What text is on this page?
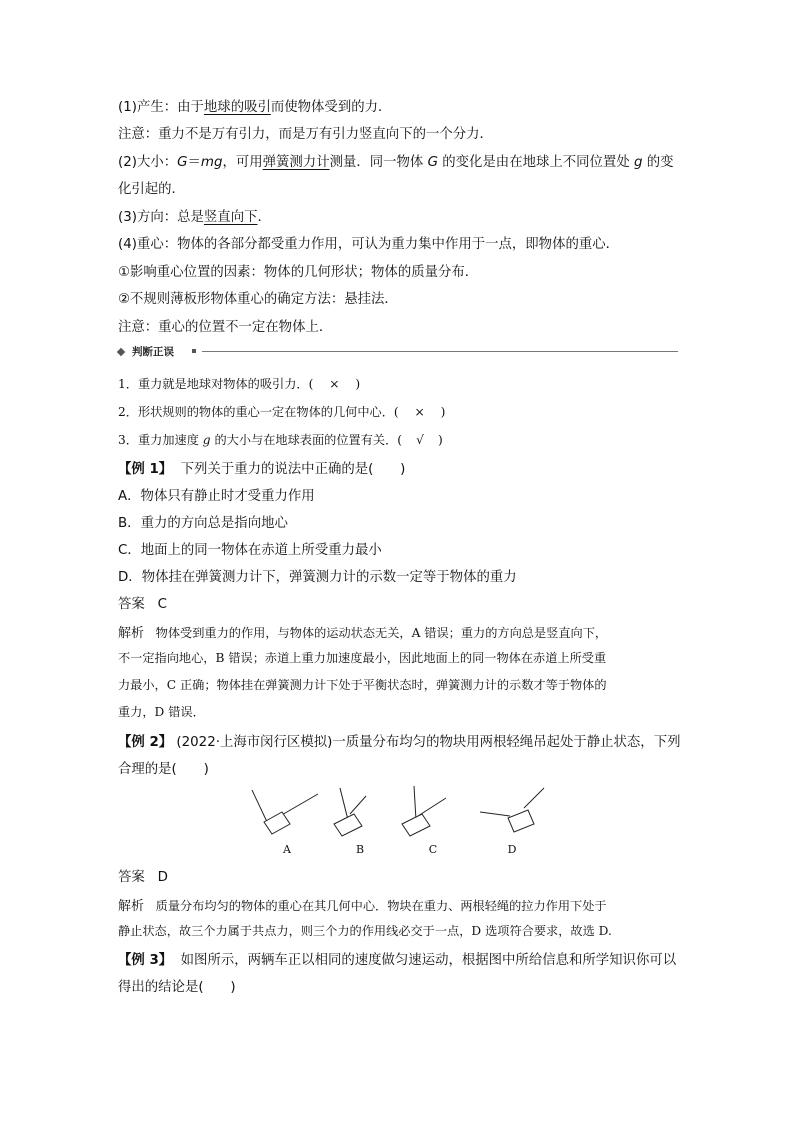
(1)产生：由于地球的吸引而使物体受到的力．
注意：重力不是万有引力，而是万有引力竖直向下的一个分力．
(2)大小：G＝mg，可用弹簧测力计测量．同一物体 G 的变化是由在地球上不同位置处 g 的变
化引起的．
(3)方向：总是竖直向下．
(4)重心：物体的各部分都受重力作用，可认为重力集中作用于一点，即物体的重心．
①影响重心位置的因素：物体的几何形状；物体的质量分布．
②不规则薄板形物体重心的确定方法：悬挂法．
注意：重心的位置不一定在物体上．
判断正误
1．重力就是地球对物体的吸引力．( × )
2．形状规则的物体的重心一定在物体的几何中心．( × )
3．重力加速度 g 的大小与在地球表面的位置有关．( √ )
【例 1】 下列关于重力的说法中正确的是(　　)
A．物体只有静止时才受重力作用
B．重力的方向总是指向地心
C．地面上的同一物体在赤道上所受重力最小
D．物体挂在弹簧测力计下，弹簧测力计的示数一定等于物体的重力
答案 C
解析 物体受到重力的作用，与物体的运动状态无关，A 错误；重力的方向总是竖直向下，
不一定指向地心，B 错误；赤道上重力加速度最小，因此地面上的同一物体在赤道上所受重
力最小，C 正确；物体挂在弹簧测力计下处于平衡状态时，弹簧测力计的示数才等于物体的
重力，D 错误．
【例 2】 (2022·上海市闵行区模拟)一质量分布均匀的物块用两根轻绳吊起处于静止状态，下列
合理的是(　　)
A	B	C	D
答案 D
解析 质量分布均匀的物体的重心在其几何中心．物块在重力、两根轻绳的拉力作用下处于
静止状态，故三个力属于共点力，则三个力的作用线必交于一点，D 选项符合要求，故选 D.
【例 3】 如图所示，两辆车正以相同的速度做匀速运动，根据图中所给信息和所学知识你可以
得出的结论是(　　)
